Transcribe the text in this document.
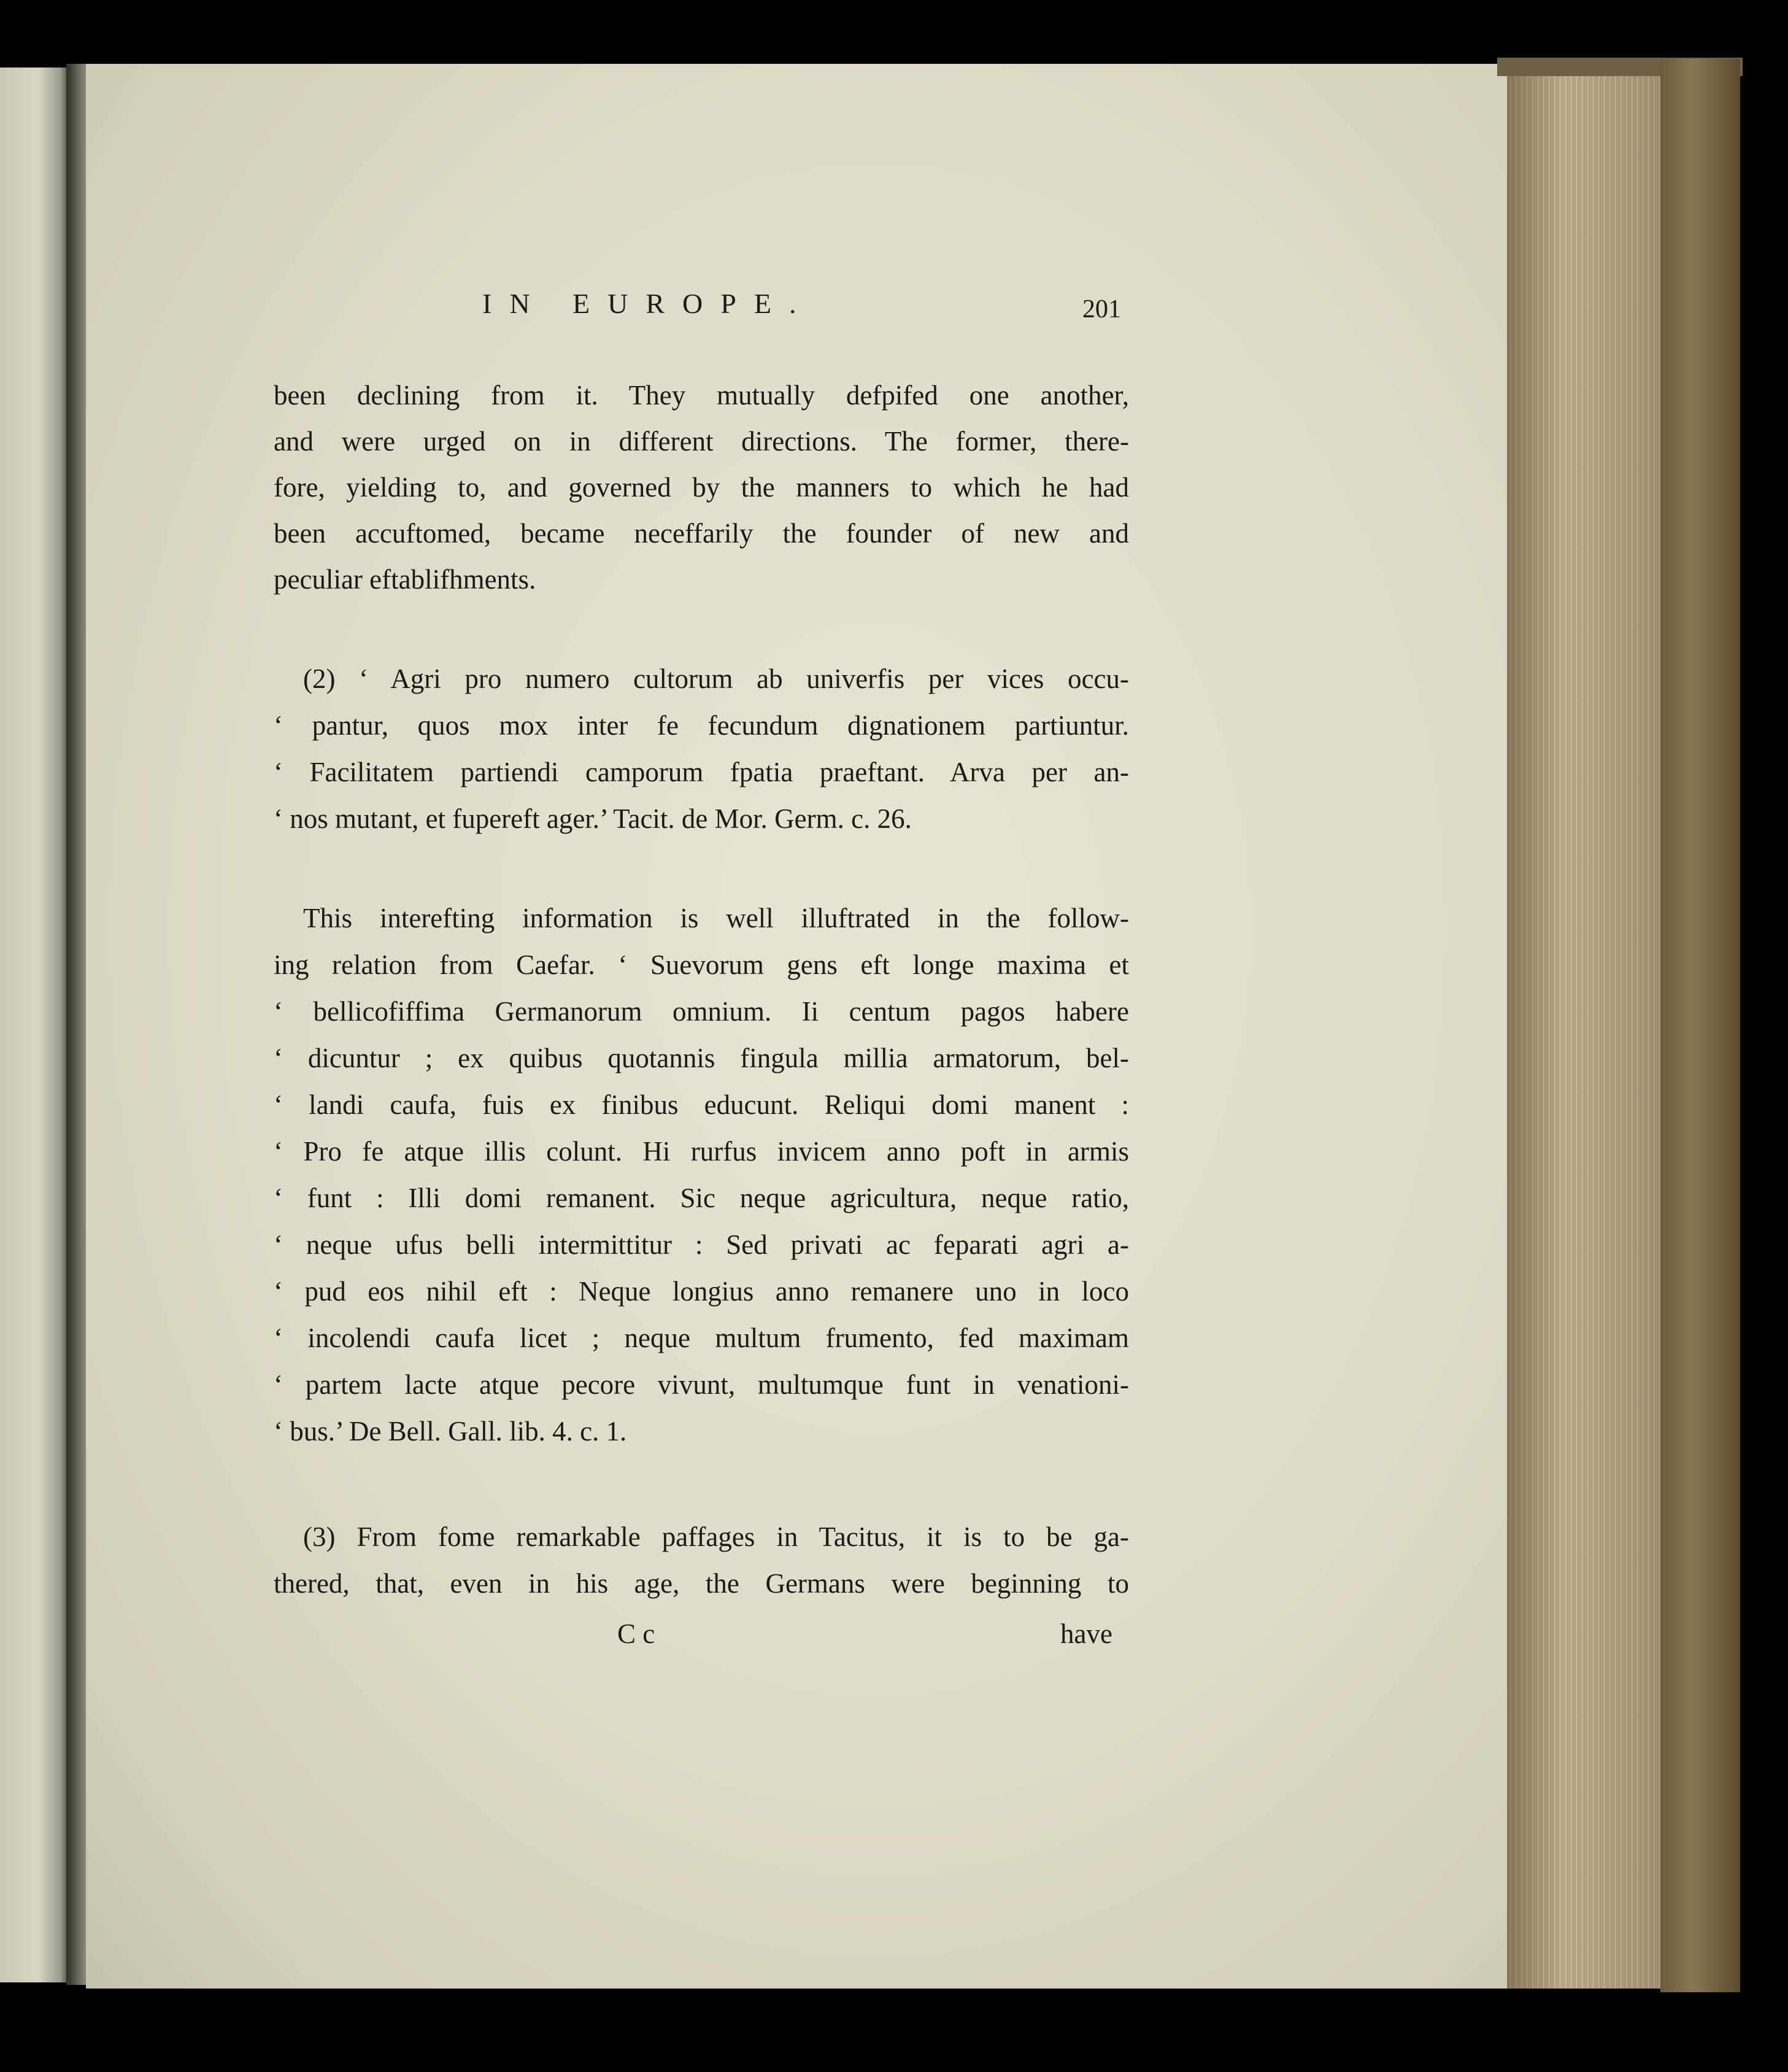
IN EUROPE.	201
been declining from it. They mutually defpifed one another,
and were urged on in different directions. The former, there-
fore, yielding to, and governed by the manners to which he had
been accuftomed, became neceffarily the founder of new and
peculiar eftablifhments.
(2) ‘ Agri pro numero cultorum ab univerfis per vices occu-
‘ pantur, quos mox inter fe fecundum dignationem partiuntur.
‘ Facilitatem partiendi camporum fpatia praeftant. Arva per an-
‘ nos mutant, et fupereft ager.’ Tacit. de Mor. Germ. c. 26.
This interefting information is well illuftrated in the follow-
ing relation from Caefar. ‘ Suevorum gens eft longe maxima et
‘ bellicofiffima Germanorum omnium. Ii centum pagos habere
‘ dicuntur ; ex quibus quotannis fingula millia armatorum, bel-
‘ landi caufa, fuis ex finibus educunt. Reliqui domi manent :
‘ Pro fe atque illis colunt. Hi rurfus invicem anno poft in armis
‘ funt : Illi domi remanent. Sic neque agricultura, neque ratio,
‘ neque ufus belli intermittitur : Sed privati ac feparati agri a-
‘ pud eos nihil eft : Neque longius anno remanere uno in loco
‘ incolendi caufa licet ; neque multum frumento, fed maximam
‘ partem lacte atque pecore vivunt, multumque funt in venationi-
‘ bus.’ De Bell. Gall. lib. 4. c. 1.
(3) From fome remarkable paffages in Tacitus, it is to be ga-
thered, that, even in his age, the Germans were beginning to
C c	have
